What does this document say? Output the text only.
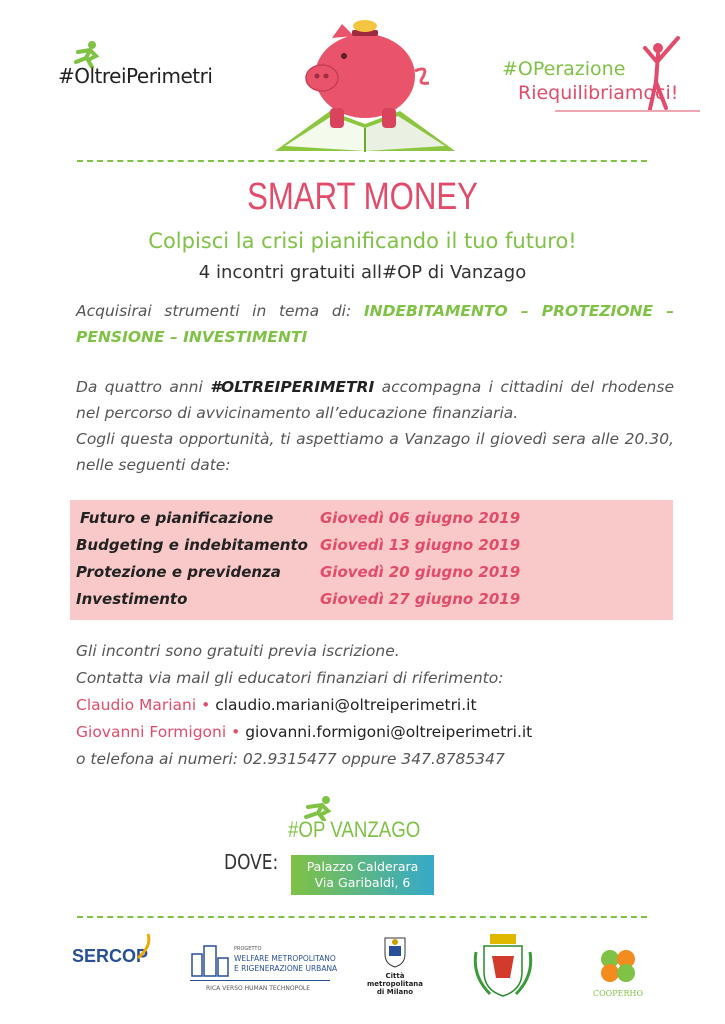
#OltreiPerimetri	#OPerazione
Riequilibriamoci!
SMART MONEY
Colpisci la crisi pianificando il tuo futuro!
4 incontri gratuiti all#OP di Vanzago
Acquisirai strumenti in tema di: INDEBITAMENTO – PROTEZIONE – PENSIONE – INVESTIMENTI
Da quattro anni #OLTREIPERIMETRI accompagna i cittadini del rhodense nel percorso di avvicinamento all’educazione finanziaria.
Cogli questa opportunità, ti aspettiamo a Vanzago il giovedì sera alle 20.30, nelle seguenti date:
Futuro e pianificazione	Giovedì 06 giugno 2019
Budgeting e indebitamento Giovedì 13 giugno 2019
Protezione e previdenza	Giovedì 20 giugno 2019
Investimento	Giovedì 27 giugno 2019
Gli incontri sono gratuiti previa iscrizione.
Contatta via mail gli educatori finanziari di riferimento:
Claudio Mariani • claudio.mariani@oltreiperimetri.it
Giovanni Formigoni • giovanni.formigoni@oltreiperimetri.it
o telefona ai numeri: 02.9315477 oppure 347.8785347
#OP VANZAGO
DOVE:	Palazzo Calderara
Via Garibaldi, 6
SERCOP	PROGETTO
WELFARE METROPOLITANO
E RIGENERAZIONE URBANA
RICA VERSO HUMAN TECHNOPOLE
Città
metropolitana
di Milano	COOPERHO
